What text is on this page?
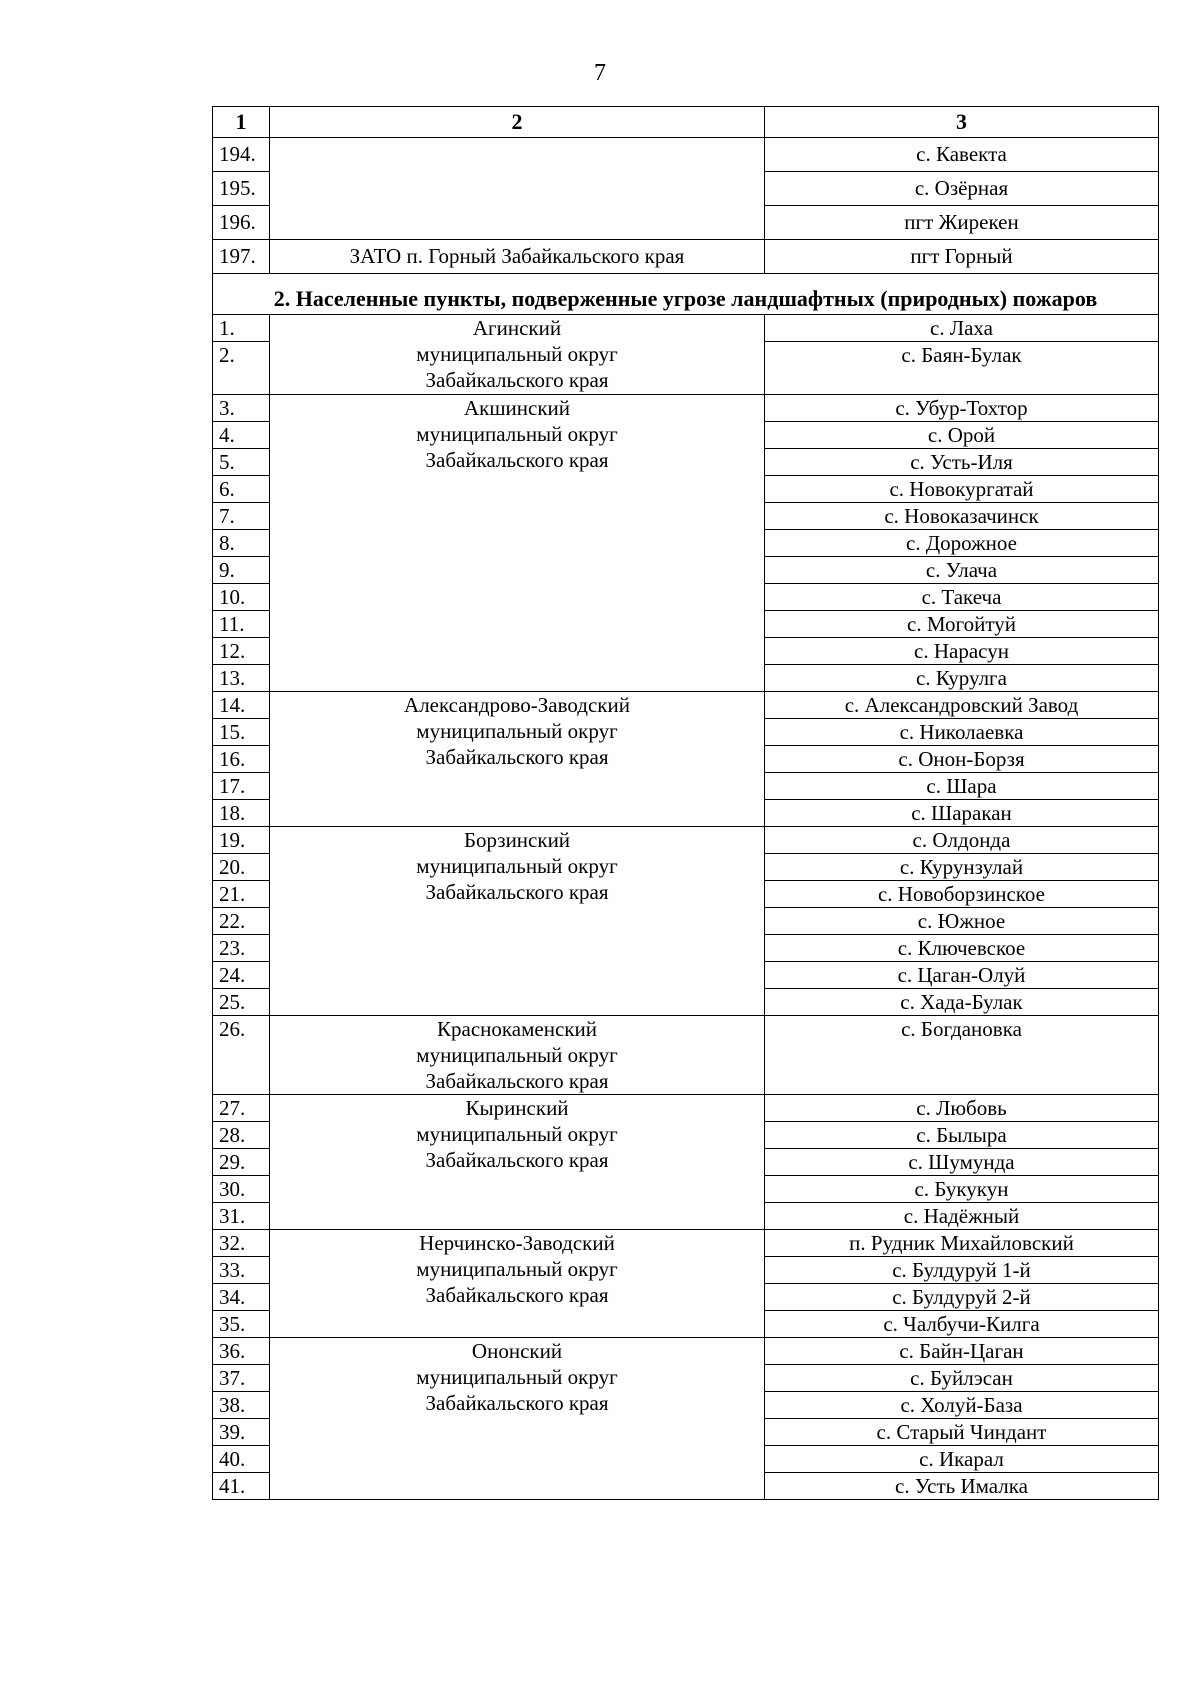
7
1	2	3
194.		с. Кавекта
195.		с. Озёрная
196.		пгт Жирекен
197.	ЗАТО п. Горный Забайкальского края	пгт Горный
2. Населенные пункты, подверженные угрозе ландшафтных (природных) пожаров		
1.	Агинский
муниципальный округ
Забайкальского края	с. Лаха
2.		с. Баян-Булак
3.	Акшинский
муниципальный округ
Забайкальского края	с. Убур-Тохтор
4.		с. Орой
5.		с. Усть-Иля
6.		с. Новокургатай
7.		с. Новоказачинск
8.		с. Дорожное
9.		с. Улача
10.		с. Такеча
11.		с. Могойтуй
12.		с. Нарасун
13.		с. Курулга
14.	Александрово-Заводский
муниципальный округ
Забайкальского края	с. Александровский Завод
15.		с. Николаевка
16.		с. Онон-Борзя
17.		с. Шара
18.		с. Шаракан
19.	Борзинский
муниципальный округ
Забайкальского края	с. Олдонда
20.		с. Курунзулай
21.		с. Новоборзинское
22.		с. Южное
23.		с. Ключевское
24.		с. Цаган-Олуй
25.		с. Хада-Булак
26.	Краснокаменский
муниципальный округ
Забайкальского края	с. Богдановка
27.	Кыринский
муниципальный округ
Забайкальского края	с. Любовь
28.		с. Былыра
29.		с. Шумунда
30.		с. Букукун
31.		с. Надёжный
32.	Нерчинско-Заводский
муниципальный округ
Забайкальского края	п. Рудник Михайловский
33.		с. Булдуруй 1-й
34.		с. Булдуруй 2-й
35.		с. Чалбучи-Килга
36.	Ононский
муниципальный округ
Забайкальского края	с. Байн-Цаган
37.		с. Буйлэсан
38.		с. Холуй-База
39.		с. Старый Чиндант
40.		с. Икарал
41.		с. Усть Ималка
